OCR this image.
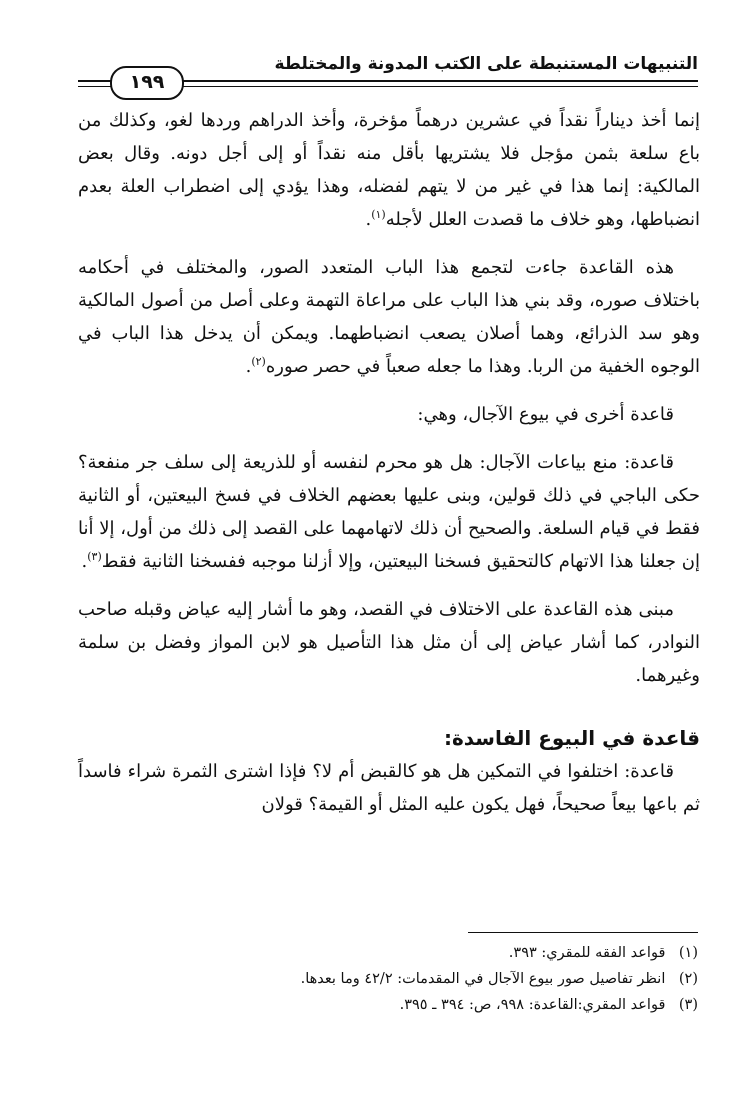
التنبيهات المستنبطة على الكتب المدونة والمختلطة
١٩٩

إنما أخذ ديناراً نقداً في عشرين درهماً مؤخرة، وأخذ الدراهم وردها لغو، وكذلك من باع سلعة بثمن مؤجل فلا يشتريها بأقل منه نقداً أو إلى أجل دونه. وقال بعض المالكية: إنما هذا في غير من لا يتهم لفضله، وهذا يؤدي إلى اضطراب العلة بعدم انضباطها، وهو خلاف ما قصدت العلل لأجله$^{(١)}$.

هذه القاعدة جاءت لتجمع هذا الباب المتعدد الصور، والمختلف في أحكامه باختلاف صوره، وقد بني هذا الباب على مراعاة التهمة وعلى أصل من أصول المالكية وهو سد الذرائع، وهما أصلان يصعب انضباطهما. ويمكن أن يدخل هذا الباب في الوجوه الخفية من الربا. وهذا ما جعله صعباً في حصر صوره$^{(٢)}$.

قاعدة أخرى في بيوع الآجال، وهي:

قاعدة: منع بياعات الآجال: هل هو محرم لنفسه أو للذريعة إلى سلف جر منفعة؟ حكى الباجي في ذلك قولين، وبنى عليها بعضهم الخلاف في فسخ البيعتين، أو الثانية فقط في قيام السلعة. والصحيح أن ذلك لاتهامهما على القصد إلى ذلك من أول، إلا أنا إن جعلنا هذا الاتهام كالتحقيق فسخنا البيعتين، وإلا أزلنا موجبه ففسخنا الثانية فقط$^{(٣)}$.

مبنى هذه القاعدة على الاختلاف في القصد، وهو ما أشار إليه عياض وقبله صاحب النوادر، كما أشار عياض إلى أن مثل هذا التأصيل هو لابن المواز وفضل بن سلمة وغيرهما.

قاعدة في البيوع الفاسدة:

قاعدة: اختلفوا في التمكين هل هو كالقبض أم لا؟ فإذا اشترى الثمرة شراء فاسداً ثم باعها بيعاً صحيحاً، فهل يكون عليه المثل أو القيمة؟ قولان

(١) قواعد الفقه للمقري: ٣٩٣.
(٢) انظر تفاصيل صور بيوع الآجال في المقدمات: ٤٢/٢ وما بعدها.
(٣) قواعد المقري:القاعدة: ٩٩٨، ص: ٣٩٤ ـ ٣٩٥.
